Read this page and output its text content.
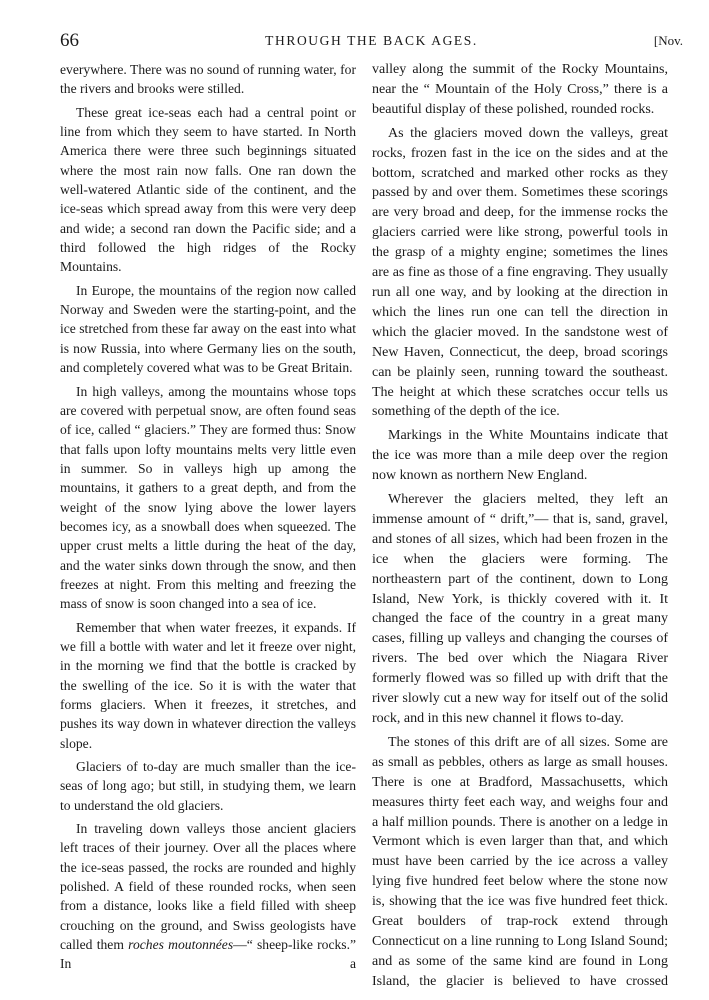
66	THROUGH THE BACK AGES.	[Nov.

everywhere. There was no sound of running water, for the rivers and brooks were stilled.

These great ice-seas each had a central point or line from which they seem to have started. In North America there were three such beginnings situated where the most rain now falls. One ran down the well-watered Atlantic side of the continent, and the ice-seas which spread away from this were very deep and wide; a second ran down the Pacific side; and a third followed the high ridges of the Rocky Mountains.

In Europe, the mountains of the region now called Norway and Sweden were the starting-point, and the ice stretched from these far away on the east into what is now Russia, into where Germany lies on the south, and completely covered what was to be Great Britain.

In high valleys, among the mountains whose tops are covered with perpetual snow, are often found seas of ice, called “ glaciers.” They are formed thus: Snow that falls upon lofty mountains melts very little even in summer. So in valleys high up among the mountains, it gathers to a great depth, and from the weight of the snow lying above the lower layers becomes icy, as a snowball does when squeezed. The upper crust melts a little during the heat of the day, and the water sinks down through the snow, and then freezes at night. From this melting and freezing the mass of snow is soon changed into a sea of ice.

Remember that when water freezes, it expands. If we fill a bottle with water and let it freeze over night, in the morning we find that the bottle is cracked by the swelling of the ice. So it is with the water that forms glaciers. When it freezes, it stretches, and pushes its way down in whatever direction the valleys slope.

Glaciers of to-day are much smaller than the ice-seas of long ago; but still, in studying them, we learn to understand the old glaciers.

In traveling down valleys those ancient glaciers left traces of their journey. Over all the places where the ice-seas passed, the rocks are rounded and highly polished. A field of these rounded rocks, when seen from a distance, looks like a field filled with sheep crouching on the ground, and Swiss geologists have called them roches moutonnées—“ sheep-like rocks.” In a

valley along the summit of the Rocky Mountains, near the “ Mountain of the Holy Cross,” there is a beautiful display of these polished, rounded rocks.

As the glaciers moved down the valleys, great rocks, frozen fast in the ice on the sides and at the bottom, scratched and marked other rocks as they passed by and over them. Sometimes these scorings are very broad and deep, for the immense rocks the glaciers carried were like strong, powerful tools in the grasp of a mighty engine; sometimes the lines are as fine as those of a fine engraving. They usually run all one way, and by looking at the direction in which the lines run one can tell the direction in which the glacier moved. In the sandstone west of New Haven, Connecticut, the deep, broad scorings can be plainly seen, running toward the southeast. The height at which these scratches occur tells us something of the depth of the ice.

Markings in the White Mountains indicate that the ice was more than a mile deep over the region now known as northern New England.

Wherever the glaciers melted, they left an immense amount of “ drift,”— that is, sand, gravel, and stones of all sizes, which had been frozen in the ice when the glaciers were forming. The northeastern part of the continent, down to Long Island, New York, is thickly covered with it. It changed the face of the country in a great many cases, filling up valleys and changing the courses of rivers. The bed over which the Niagara River formerly flowed was so filled up with drift that the river slowly cut a new way for itself out of the solid rock, and in this new channel it flows to-day.

The stones of this drift are of all sizes. Some are as small as pebbles, others as large as small houses. There is one at Bradford, Massachusetts, which measures thirty feet each way, and weighs four and a half million pounds. There is another on a ledge in Vermont which is even larger than that, and which must have been carried by the ice across a valley lying five hundred feet below where the stone now is, showing that the ice was five hundred feet thick. Great boulders of trap-rock extend through Connecticut on a line running to Long Island Sound; and as some of the same kind are found in Long Island, the glacier is believed to have crossed
